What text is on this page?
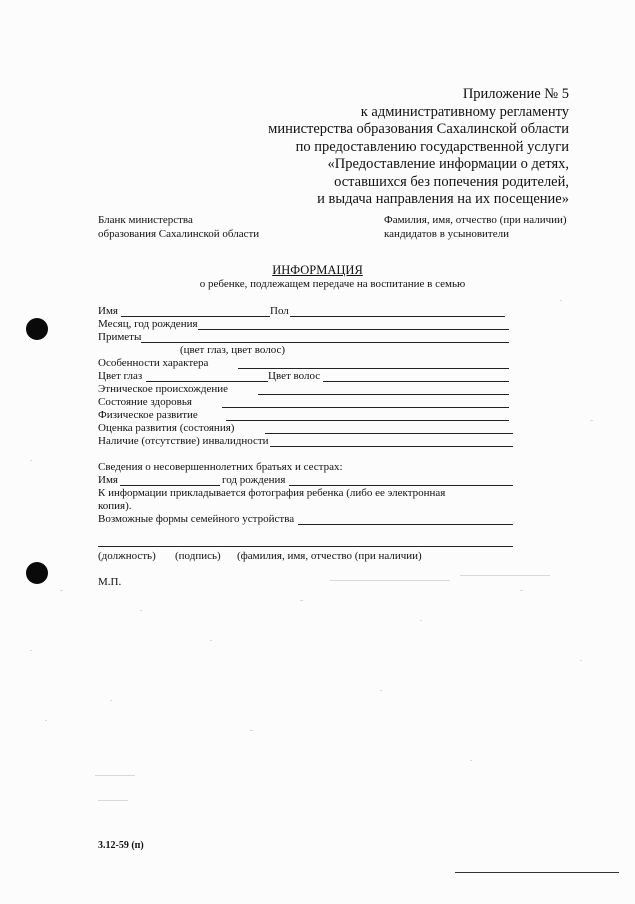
Приложение № 5
к административному регламенту
министерства образования Сахалинской области
по предоставлению государственной услуги
«Предоставление информации о детях,
оставшихся без попечения родителей,
и выдача направления на их посещение»
Бланк министерства
образования Сахалинской области
Фамилия, имя, отчество (при наличии)
кандидатов в усыновители
ИНФОРМАЦИЯ
о ребенке, подлежащем передаче на воспитание в семью
Имя	Пол
Месяц, год рождения
Приметы
(цвет глаз, цвет волос)
Особенности характера
Цвет глаз	Цвет волос
Этническое происхождение
Состояние здоровья
Физическое развитие
Оценка развития (состояния)
Наличие (отсутствие) инвалидности
Сведения о несовершеннолетних братьях и сестрах:
Имя	год рождения
К информации прикладывается фотография ребенка (либо ее электронная
копия).
Возможные формы семейного устройства
(должность) (подпись) (фамилия, имя, отчество (при наличии)
М.П.
3.12-59 (п)
